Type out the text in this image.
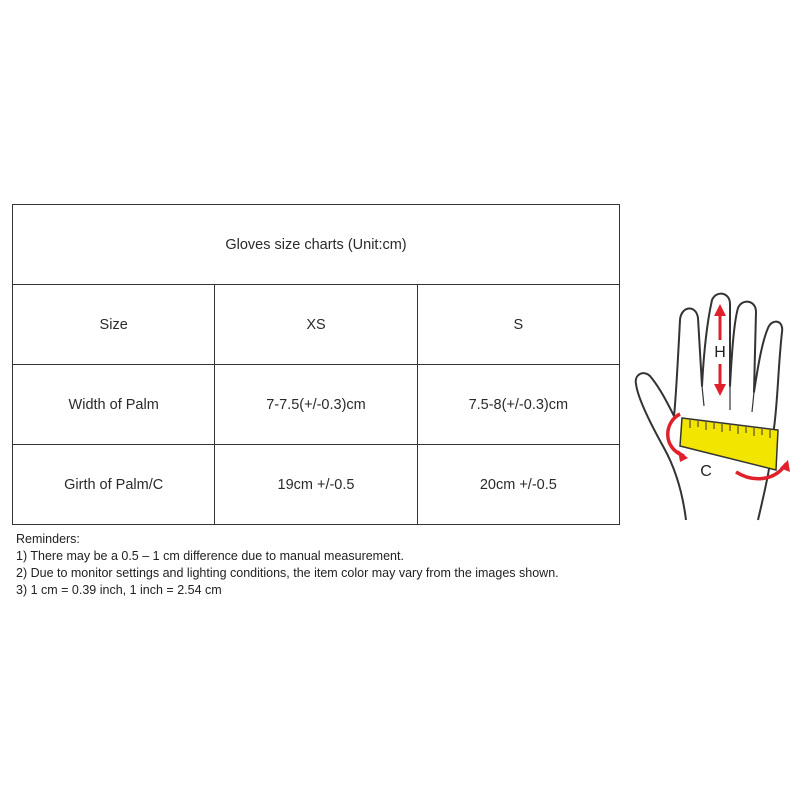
Gloves size charts (Unit:cm)		
Size	XS	S
Width of Palm	7-7.5(+/-0.3)cm	7.5-8(+/-0.3)cm
Girth of Palm/C	19cm +/-0.5	20cm +/-0.5
Reminders:
1) There may be a 0.5 – 1 cm difference due to manual measurement.
2) Due to monitor settings and lighting conditions, the item color may vary from the images shown.
3) 1 cm = 0.39 inch, 1 inch = 2.54 cm
H
C
